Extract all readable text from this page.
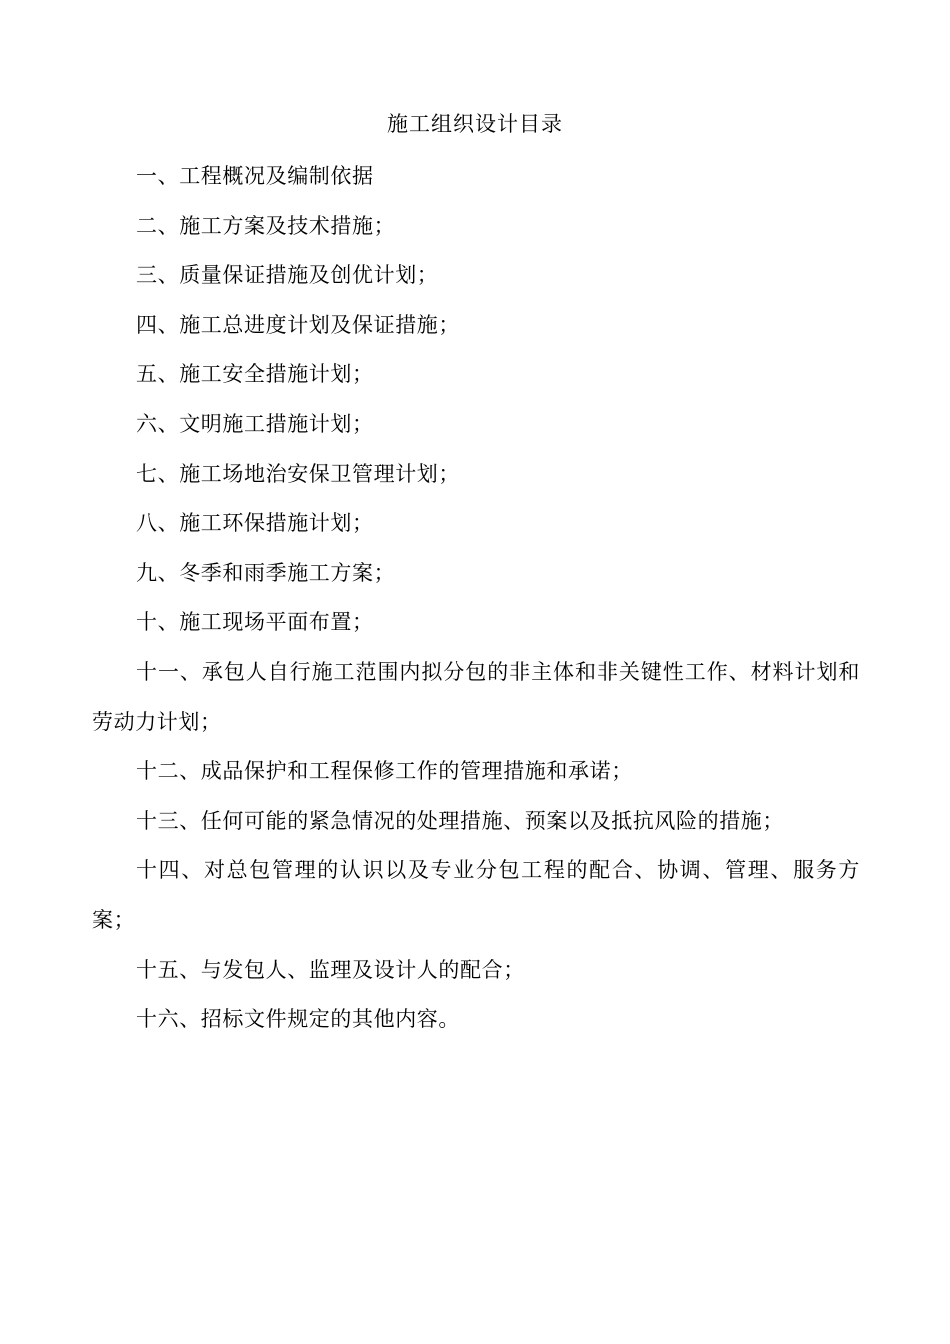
施工组织设计目录
一、工程概况及编制依据
二、施工方案及技术措施；
三、质量保证措施及创优计划；
四、施工总进度计划及保证措施；
五、施工安全措施计划；
六、文明施工措施计划；
七、施工场地治安保卫管理计划；
八、施工环保措施计划；
九、冬季和雨季施工方案；
十、施工现场平面布置；
十一、承包人自行施工范围内拟分包的非主体和非关键性工作、材料计划和劳动力计划；
十二、成品保护和工程保修工作的管理措施和承诺；
十三、任何可能的紧急情况的处理措施、预案以及抵抗风险的措施；
十四、对总包管理的认识以及专业分包工程的配合、协调、管理、服务方案；
十五、与发包人、监理及设计人的配合；
十六、招标文件规定的其他内容。
